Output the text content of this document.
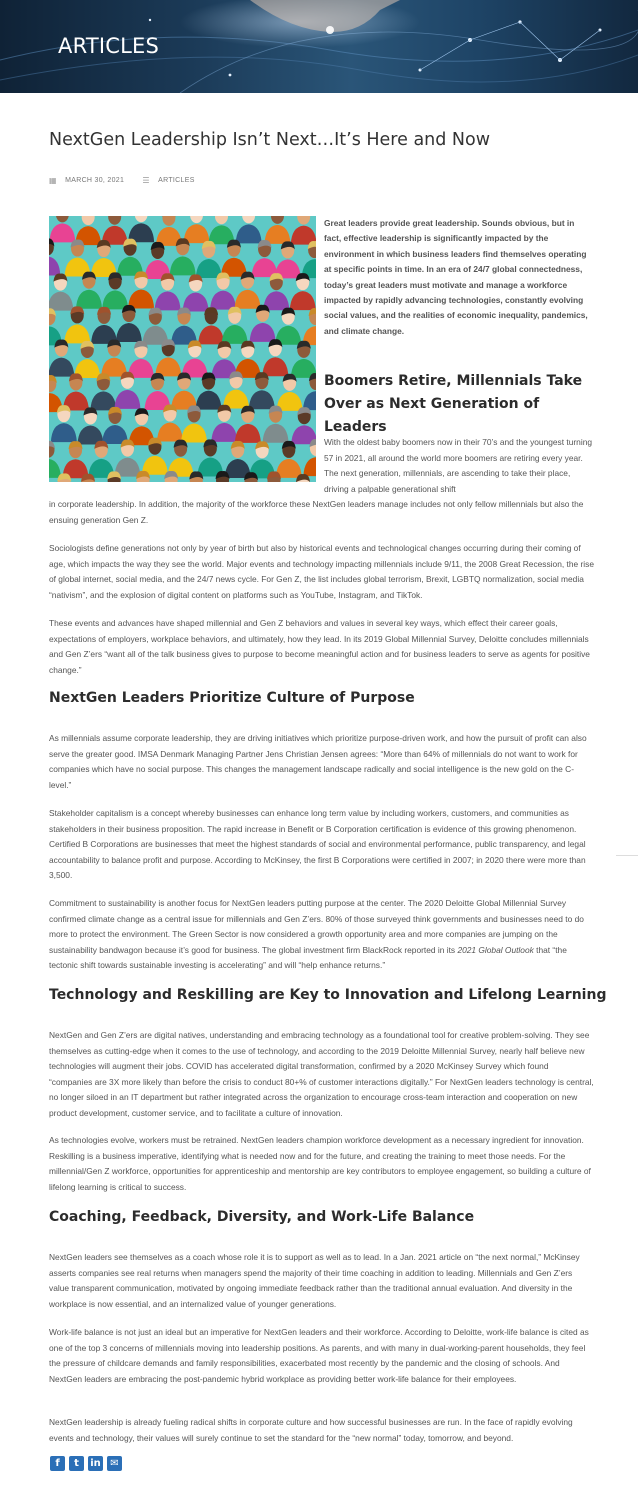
ARTICLES
NextGen Leadership Isn’t Next…It’s Here and Now
▦ MARCH 30, 2021 ☰ ARTICLES

Great leaders provide great leadership. Sounds obvious, but in fact, effective leadership is significantly impacted by the environment in which business leaders find themselves operating at specific points in time. In an era of 24/7 global connectedness, today’s great leaders must motivate and manage a workforce impacted by rapidly advancing technologies, constantly evolving social values, and the realities of economic inequality, pandemics, and climate change.

Boomers Retire, Millennials Take Over as Next Generation of Leaders

With the oldest baby boomers now in their 70’s and the youngest turning 57 in 2021, all around the world more boomers are retiring every year. The next generation, millennials, are ascending to take their place, driving a palpable generational shift

in corporate leadership. In addition, the majority of the workforce these NextGen leaders manage includes not only fellow millennials but also the ensuing generation Gen Z.

Sociologists define generations not only by year of birth but also by historical events and technological changes occurring during their coming of age, which impacts the way they see the world. Major events and technology impacting millennials include 9/11, the 2008 Great Recession, the rise of global internet, social media, and the 24/7 news cycle. For Gen Z, the list includes global terrorism, Brexit, LGBTQ normalization, social media “nativism”, and the explosion of digital content on platforms such as YouTube, Instagram, and TikTok.

These events and advances have shaped millennial and Gen Z behaviors and values in several key ways, which effect their career goals, expectations of employers, workplace behaviors, and ultimately, how they lead. In its 2019 Global Millennial Survey, Deloitte concludes millennials and Gen Z’ers “want all of the talk business gives to purpose to become meaningful action and for business leaders to serve as agents for positive change.”

NextGen Leaders Prioritize Culture of Purpose

As millennials assume corporate leadership, they are driving initiatives which prioritize purpose-driven work, and how the pursuit of profit can also serve the greater good. IMSA Denmark Managing Partner Jens Christian Jensen agrees: “More than 64% of millennials do not want to work for companies which have no social purpose. This changes the management landscape radically and social intelligence is the new gold on the C-level.”

Stakeholder capitalism is a concept whereby businesses can enhance long term value by including workers, customers, and communities as stakeholders in their business proposition. The rapid increase in Benefit or B Corporation certification is evidence of this growing phenomenon. Certified B Corporations are businesses that meet the highest standards of social and environmental performance, public transparency, and legal accountability to balance profit and purpose. According to McKinsey, the first B Corporations were certified in 2007; in 2020 there were more than 3,500.

Commitment to sustainability is another focus for NextGen leaders putting purpose at the center. The 2020 Deloitte Global Millennial Survey confirmed climate change as a central issue for millennials and Gen Z’ers. 80% of those surveyed think governments and businesses need to do more to protect the environment. The Green Sector is now considered a growth opportunity area and more companies are jumping on the sustainability bandwagon because it’s good for business. The global investment firm BlackRock reported in its 2021 Global Outlook that “the tectonic shift towards sustainable investing is accelerating” and will “help enhance returns.”

Technology and Reskilling are Key to Innovation and Lifelong Learning

NextGen and Gen Z’ers are digital natives, understanding and embracing technology as a foundational tool for creative problem-solving. They see themselves as cutting-edge when it comes to the use of technology, and according to the 2019 Deloitte Millennial Survey, nearly half believe new technologies will augment their jobs. COVID has accelerated digital transformation, confirmed by a 2020 McKinsey Survey which found “companies are 3X more likely than before the crisis to conduct 80+% of customer interactions digitally.” For NextGen leaders technology is central, no longer siloed in an IT department but rather integrated across the organization to encourage cross-team interaction and cooperation on new product development, customer service, and to facilitate a culture of innovation.

As technologies evolve, workers must be retrained. NextGen leaders champion workforce development as a necessary ingredient for innovation. Reskilling is a business imperative, identifying what is needed now and for the future, and creating the training to meet those needs. For the millennial/Gen Z workforce, opportunities for apprenticeship and mentorship are key contributors to employee engagement, so building a culture of lifelong learning is critical to success.

Coaching, Feedback, Diversity, and Work-Life Balance

NextGen leaders see themselves as a coach whose role it is to support as well as to lead. In a Jan. 2021 article on “the next normal,” McKinsey asserts companies see real returns when managers spend the majority of their time coaching in addition to leading. Millennials and Gen Z’ers value transparent communication, motivated by ongoing immediate feedback rather than the traditional annual evaluation. And diversity in the workplace is now essential, and an internalized value of younger generations.

Work-life balance is not just an ideal but an imperative for NextGen leaders and their workforce. According to Deloitte, work-life balance is cited as one of the top 3 concerns of millennials moving into leadership positions. As parents, and with many in dual-working-parent households, they feel the pressure of childcare demands and family responsibilities, exacerbated most recently by the pandemic and the closing of schools. And NextGen leaders are embracing the post-pandemic hybrid workplace as providing better work-life balance for their employees.

NextGen leadership is already fueling radical shifts in corporate culture and how successful businesses are run. In the face of rapidly evolving events and technology, their values will surely continue to set the standard for the “new normal” today, tomorrow, and beyond.

f	t	in ✉
